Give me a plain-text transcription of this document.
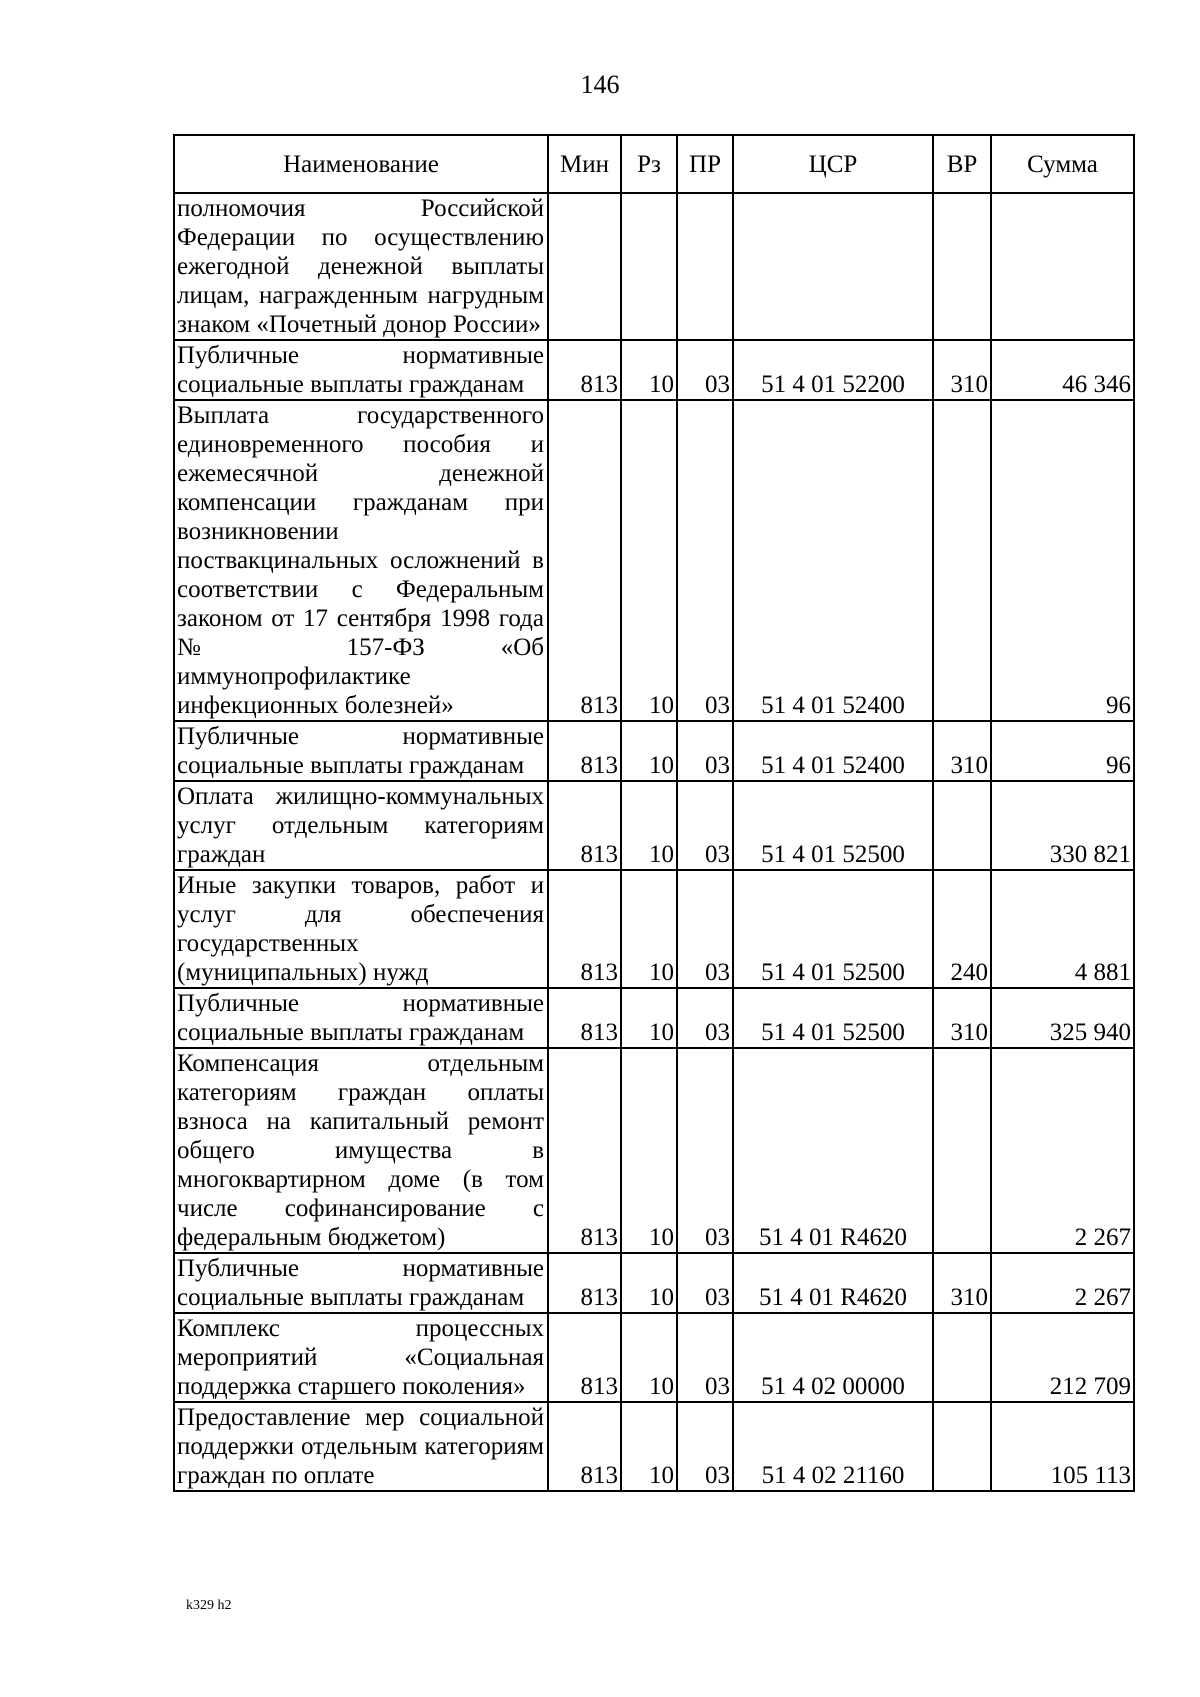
146
Наименование	Мин	Рз	ПР	ЦСР	ВР	Сумма
полномочия Российской Федерации по осуществлению ежегодной денежной выплаты лицам, награжденным нагрудным знаком «Почетный донор России»						
Публичные нормативные социальные выплаты гражданам	813	10	03	51 4 01 52200	310	46 346
Выплата государственного единовременного пособия и ежемесячной денежной компенсации гражданам при возникновении поствакцинальных осложнений в соответствии с Федеральным законом от 17 сентября 1998 года № 157-ФЗ «Об иммунопрофилактике инфекционных болезней»	813	10	03	51 4 01 52400		96
Публичные нормативные социальные выплаты гражданам	813	10	03	51 4 01 52400	310	96
Оплата жилищно-коммунальных услуг отдельным категориям граждан	813	10	03	51 4 01 52500		330 821
Иные закупки товаров, работ и услуг для обеспечения государственных (муниципальных) нужд	813	10	03	51 4 01 52500	240	4 881
Публичные нормативные социальные выплаты гражданам	813	10	03	51 4 01 52500	310	325 940
Компенсация отдельным категориям граждан оплаты взноса на капитальный ремонт общего имущества в многоквартирном доме (в том числе софинансирование с федеральным бюджетом)	813	10	03	51 4 01 R4620		2 267
Публичные нормативные социальные выплаты гражданам	813	10	03	51 4 01 R4620	310	2 267
Комплекс процессных мероприятий «Социальная поддержка старшего поколения»	813	10	03	51 4 02 00000		212 709
Предоставление мер социальной поддержки отдельным категориям граждан по оплате	813	10	03	51 4 02 21160		105 113
k329 h2
